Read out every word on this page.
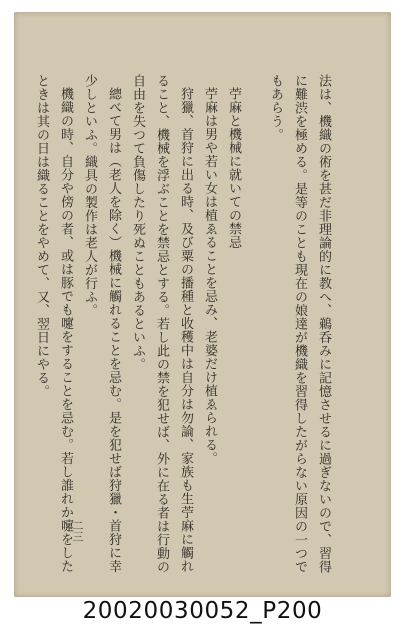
法は、機織の術を甚だ非理論的に教へ、鵜呑みに記憶させるに過ぎないので、習得
に難渋を極める。是等のことも現在の娘達が機織を習得したがらない原因の一つで
もあらう。
苧麻と機械に就いての禁忌
苧麻は男や若い女は植ゑることを忌み、老婆だけ植ゑられる。
狩獵、首狩に出る時、及び粟の播種と收穫中は自分は勿論、家族も生苧麻に觸れ
ること、機械を浮ぶことを禁忌とする。若し此の禁を犯せば、外に在る者は行動の
自由を失つて負傷したり死ぬこともあるといふ。
總べて男は（老人を除く）機械に觸れることを忌む。是を犯せば狩獵・首狩に幸
少しといふ。織具の製作は老人が行ふ。
機織の時、自分や傍の者、或は豚でも嚔をすることを忌む。若し誰れか嚔をした
ときは其の日は織ることをやめて、又、翌日にやる。
二三
20020030052_P200
